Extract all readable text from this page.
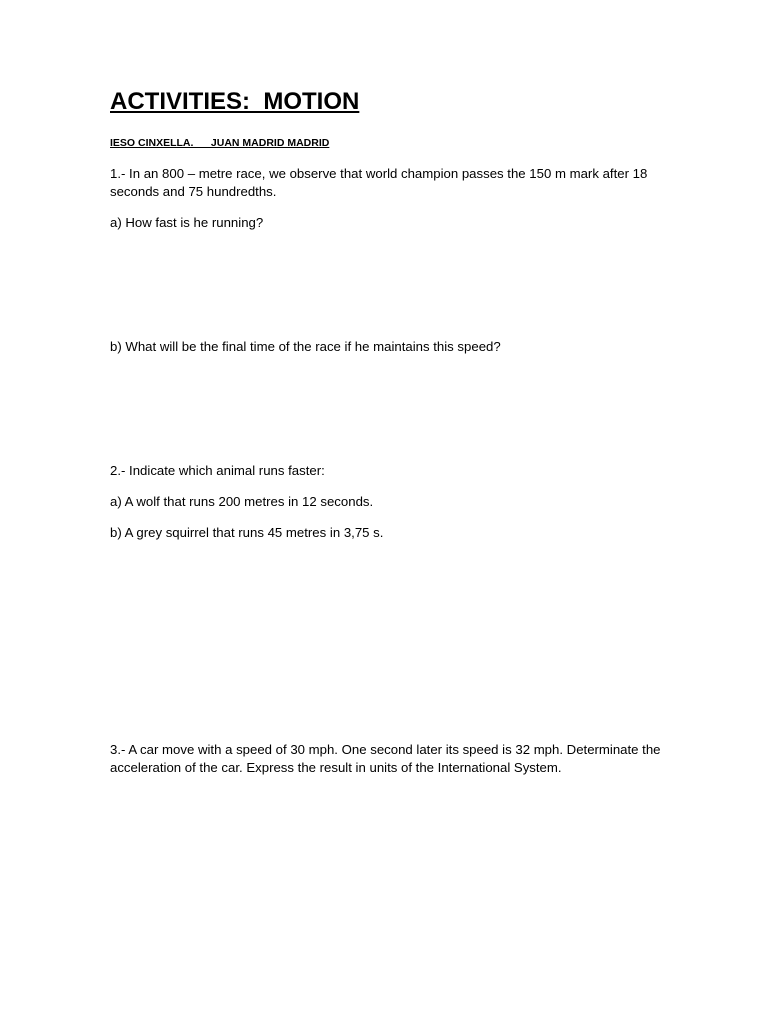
ACTIVITIES:  MOTION

IESO CINXELLA.      JUAN MADRID MADRID

1.- In an 800 – metre race, we observe that world champion passes the 150 m mark after 18 seconds and 75 hundredths.

a) How fast is he running?

b) What will be the final time of the race if he maintains this speed?

2.- Indicate which animal runs faster:

a) A wolf that runs 200 metres in 12 seconds.

b) A grey squirrel that runs 45 metres in 3,75 s.

3.- A car move with a speed of 30 mph. One second later its speed is 32 mph. Determinate the acceleration of the car. Express the result in units of the International System.
